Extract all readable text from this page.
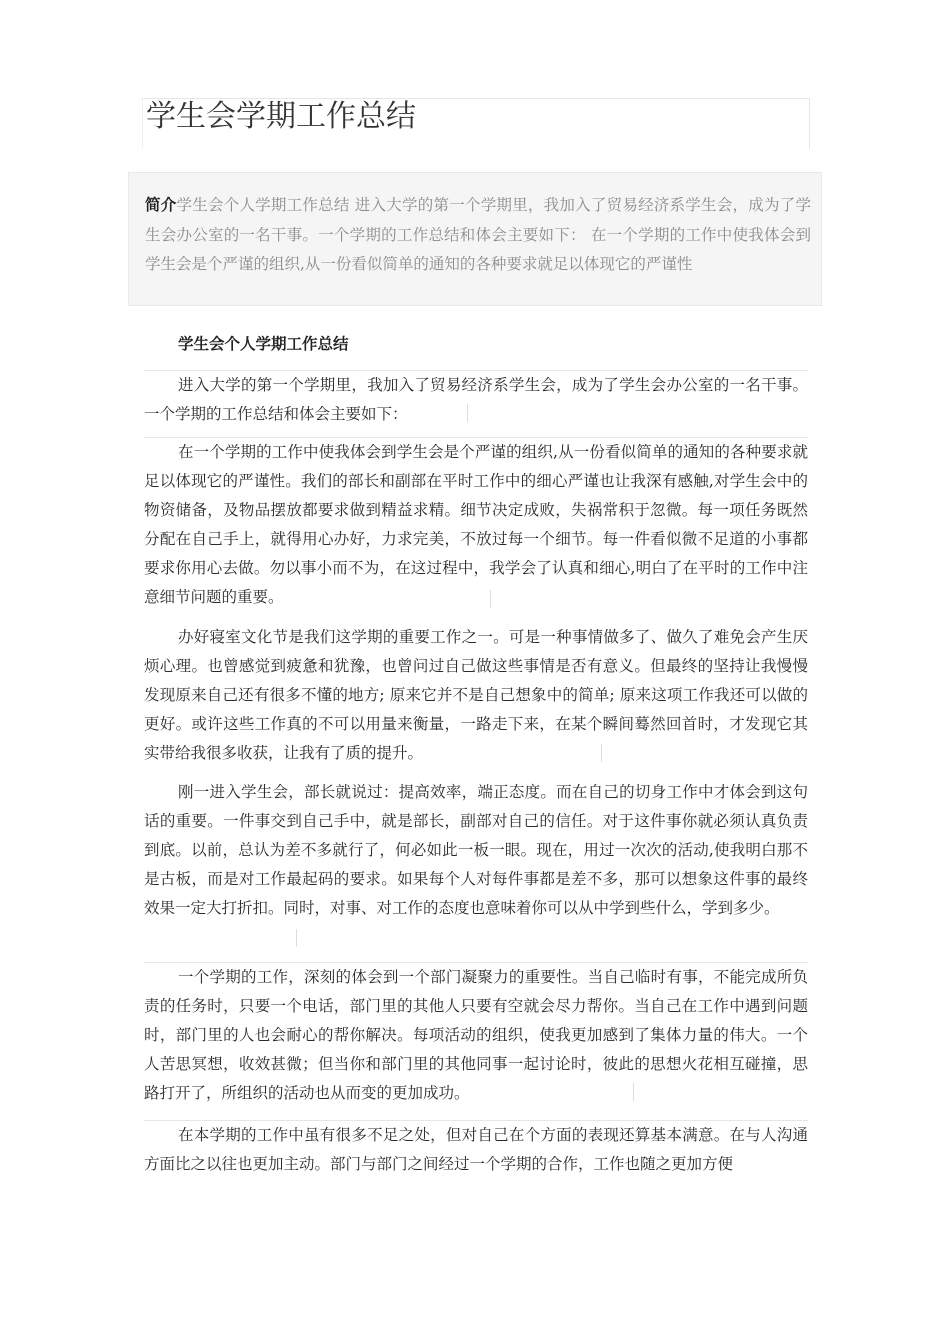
学生会学期工作总结

简介学生会个人学期工作总结 进入大学的第一个学期里，我加入了贸易经济系学生会，成为了学生会办公室的一名干事。一个学期的工作总结和体会主要如下： 在一个学期的工作中使我体会到学生会是个严谨的组织,从一份看似简单的通知的各种要求就足以体现它的严谨性

学生会个人学期工作总结

进入大学的第一个学期里，我加入了贸易经济系学生会，成为了学生会办公室的一名干事。一个学期的工作总结和体会主要如下：

在一个学期的工作中使我体会到学生会是个严谨的组织,从一份看似简单的通知的各种要求就足以体现它的严谨性。我们的部长和副部在平时工作中的细心严谨也让我深有感触,对学生会中的物资储备，及物品摆放都要求做到精益求精。细节决定成败，失祸常积于忽微。每一项任务既然分配在自己手上，就得用心办好，力求完美，不放过每一个细节。每一件看似微不足道的小事都要求你用心去做。勿以事小而不为，在这过程中，我学会了认真和细心,明白了在平时的工作中注意细节问题的重要。

办好寝室文化节是我们这学期的重要工作之一。可是一种事情做多了、做久了难免会产生厌烦心理。也曾感觉到疲惫和犹豫，也曾问过自己做这些事情是否有意义。但最终的坚持让我慢慢发现原来自己还有很多不懂的地方; 原来它并不是自己想象中的简单; 原来这项工作我还可以做的更好。或许这些工作真的不可以用量来衡量，一路走下来，在某个瞬间蓦然回首时，才发现它其实带给我很多收获，让我有了质的提升。

刚一进入学生会，部长就说过：提高效率，端正态度。而在自己的切身工作中才体会到这句话的重要。一件事交到自己手中，就是部长，副部对自己的信任。对于这件事你就必须认真负责到底。以前，总认为差不多就行了，何必如此一板一眼。现在，用过一次次的活动,使我明白那不是古板，而是对工作最起码的要求。如果每个人对每件事都是差不多，那可以想象这件事的最终效果一定大打折扣。同时，对事、对工作的态度也意味着你可以从中学到些什么，学到多少。

一个学期的工作，深刻的体会到一个部门凝聚力的重要性。当自己临时有事，不能完成所负责的任务时，只要一个电话，部门里的其他人只要有空就会尽力帮你。当自己在工作中遇到问题时，部门里的人也会耐心的帮你解决。每项活动的组织，使我更加感到了集体力量的伟大。一个人苦思冥想，收效甚微；但当你和部门里的其他同事一起讨论时，彼此的思想火花相互碰撞，思路打开了，所组织的活动也从而变的更加成功。

在本学期的工作中虽有很多不足之处，但对自己在个方面的表现还算基本满意。在与人沟通方面比之以往也更加主动。部门与部门之间经过一个学期的合作，工作也随之更加方便
